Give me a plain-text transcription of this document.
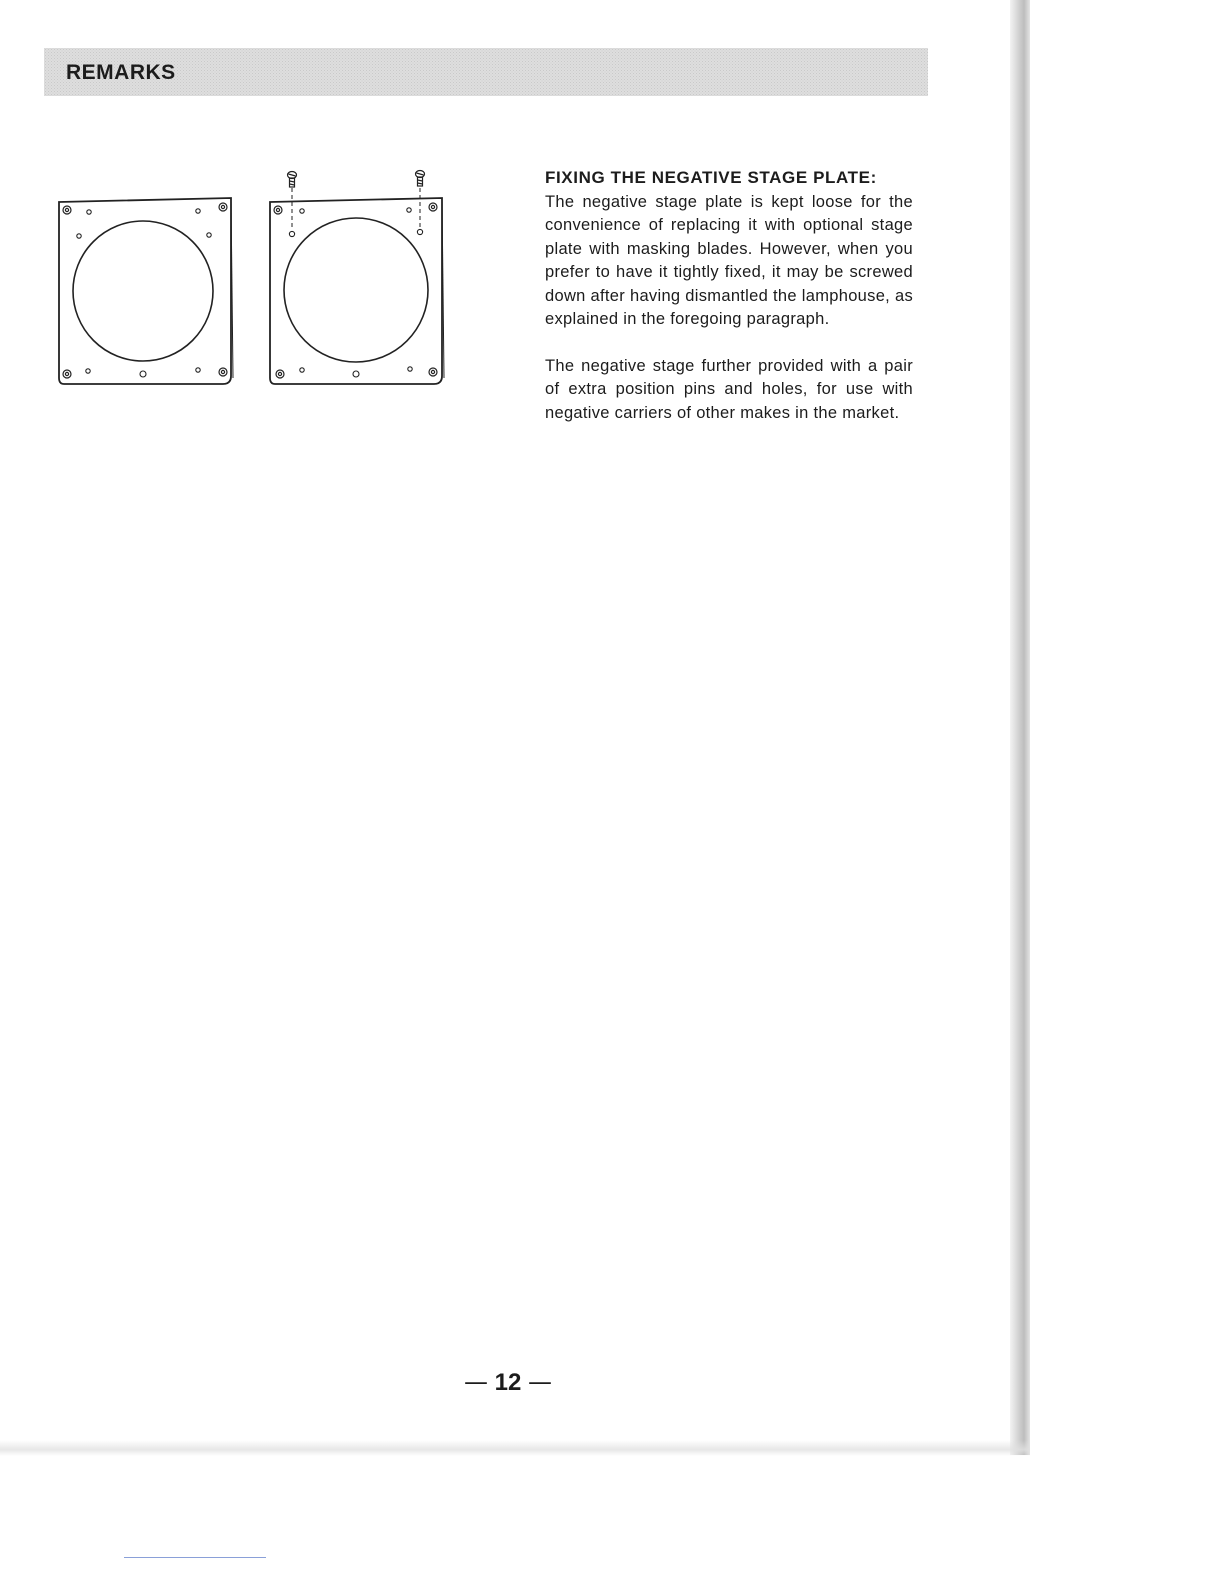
REMARKS
FIXING THE NEGATIVE STAGE PLATE:

The negative stage plate is kept loose for the convenience of replacing it with optional stage plate with masking blades. However, when you prefer to have it tightly fixed, it may be screwed down after having dismantled the lamphouse, as explained in the foregoing paragraph.

The negative stage further provided with a pair of extra position pins and holes, for use with negative carriers of other makes in the market.

— 12 —
